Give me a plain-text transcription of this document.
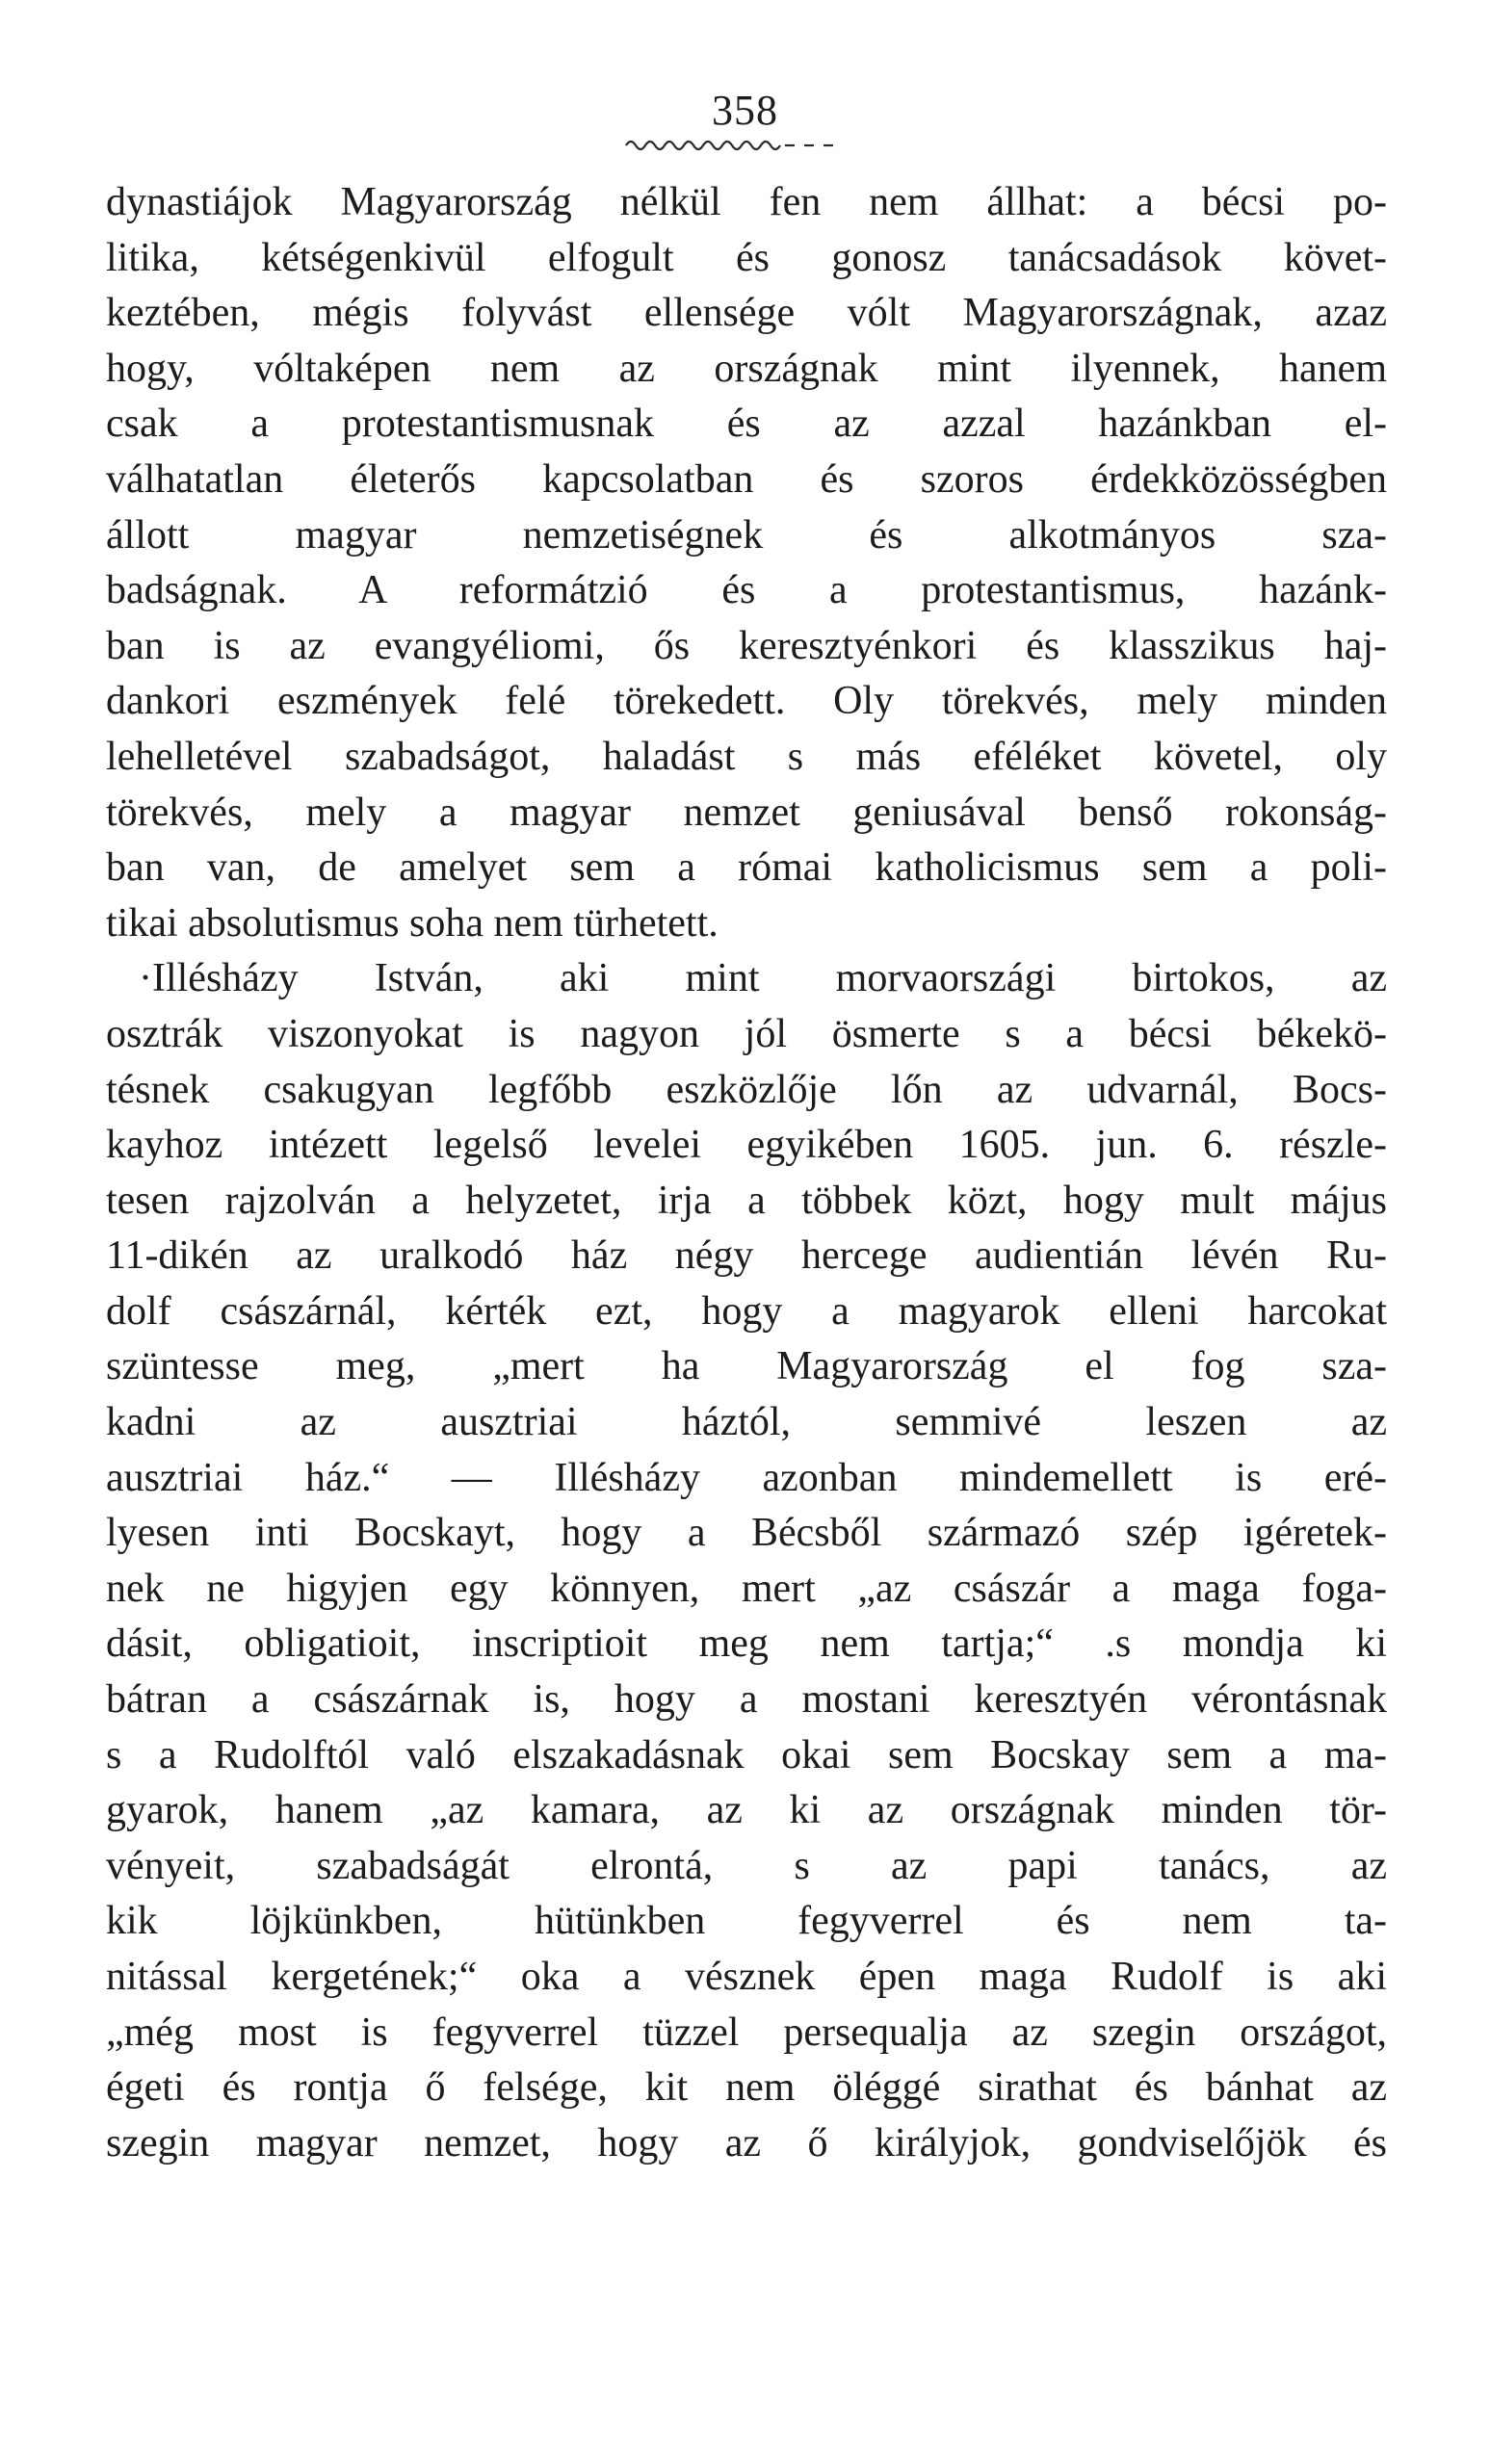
358
dynastiájok Magyarország nélkül fen nem állhat: a bécsi po-
litika, kétségenkivül elfogult és gonosz tanácsadások követ-
keztében, mégis folyvást ellensége vólt Magyarországnak, azaz
hogy, vóltaképen nem az országnak mint ilyennek, hanem
csak a protestantismusnak és az azzal hazánkban el-
válhatatlan életerős kapcsolatban és szoros érdekközösségben
állott magyar nemzetiségnek és alkotmányos sza-
badságnak. A reformátzió és a protestantismus, hazánk-
ban is az evangyéliomi, ős keresztyénkori és klasszikus haj-
dankori eszmények felé törekedett. Oly törekvés, mely minden
lehelletével szabadságot, haladást s más eféléket követel, oly
törekvés, mely a magyar nemzet geniusával benső rokonság-
ban van, de amelyet sem a római katholicismus sem a poli-
tikai absolutismus soha nem türhetett.
·Illésházy István, aki mint morvaországi birtokos, az
osztrák viszonyokat is nagyon jól ösmerte s a bécsi békekö-
tésnek csakugyan legfőbb eszközlője lőn az udvarnál, Bocs-
kayhoz intézett legelső levelei egyikében 1605. jun. 6. részle-
tesen rajzolván a helyzetet, irja a többek közt, hogy mult május
11-dikén az uralkodó ház négy hercege audientián lévén Ru-
dolf császárnál, kérték ezt, hogy a magyarok elleni harcokat
szüntesse meg, „mert ha Magyarország el fog sza-
kadni az ausztriai háztól, semmivé leszen az
ausztriai ház.“ — Illésházy azonban mindemellett is eré-
lyesen inti Bocskayt, hogy a Bécsből származó szép igéretek-
nek ne higyjen egy könnyen, mert „az császár a maga foga-
dásit, obligatioit, inscriptioit meg nem tartja;“ .s mondja ki
bátran a császárnak is, hogy a mostani keresztyén vérontásnak
s a Rudolftól való elszakadásnak okai sem Bocskay sem a ma-
gyarok, hanem „az kamara, az ki az országnak minden tör-
vényeit, szabadságát elrontá, s az papi tanács, az
kik löjkünkben, hütünkben fegyverrel és nem ta-
nitással kergetének;“ oka a vésznek épen maga Rudolf is aki
„még most is fegyverrel tüzzel persequalja az szegin országot,
égeti és rontja ő felsége, kit nem öléggé sirathat és bánhat az
szegin magyar nemzet, hogy az ő királyjok, gondviselőjök és
